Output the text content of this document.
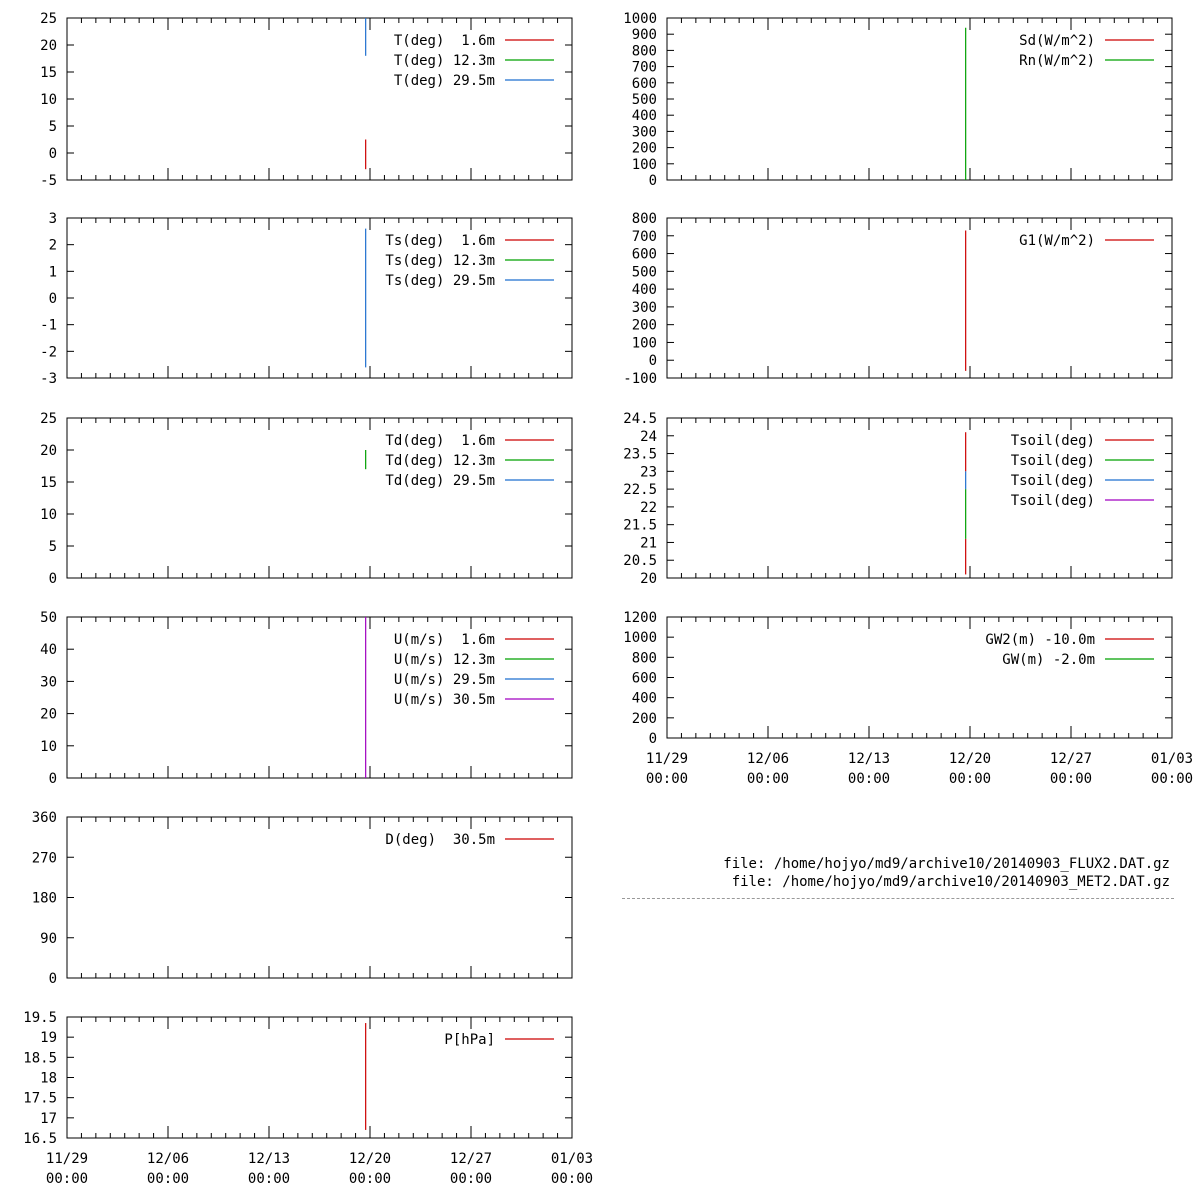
-5
0
5
10
15
20
25
T(deg)  1.6m
T(deg) 12.3m
T(deg) 29.5m
-3
-2
-1
0
1
2
3
Ts(deg)  1.6m
Ts(deg) 12.3m
Ts(deg) 29.5m
0
5
10
15
20
25
Td(deg)  1.6m
Td(deg) 12.3m
Td(deg) 29.5m
0
10
20
30
40
50
U(m/s)  1.6m
U(m/s) 12.3m
U(m/s) 29.5m
U(m/s) 30.5m
0
90
180
270
360
D(deg)  30.5m
16.5
17
17.5
18
18.5
19
19.5
11/29
00:00
12/06
00:00
12/13
00:00
12/20
00:00
12/27
00:00
01/03
00:00
P[hPa]
0
100
200
300
400
500
600
700
800
900
1000
Sd(W/m^2)
Rn(W/m^2)
-100
0
100
200
300
400
500
600
700
800
G1(W/m^2)
20
20.5
21
21.5
22
22.5
23
23.5
24
24.5
Tsoil(deg)
Tsoil(deg)
Tsoil(deg)
Tsoil(deg)
0
200
400
600
800
1000
1200
11/29
00:00
12/06
00:00
12/13
00:00
12/20
00:00
12/27
00:00
01/03
00:00
GW2(m) -10.0m
GW(m) -2.0m
file: /home/hojyo/md9/archive10/20140903_FLUX2.DAT.gz
file: /home/hojyo/md9/archive10/20140903_MET2.DAT.gz
